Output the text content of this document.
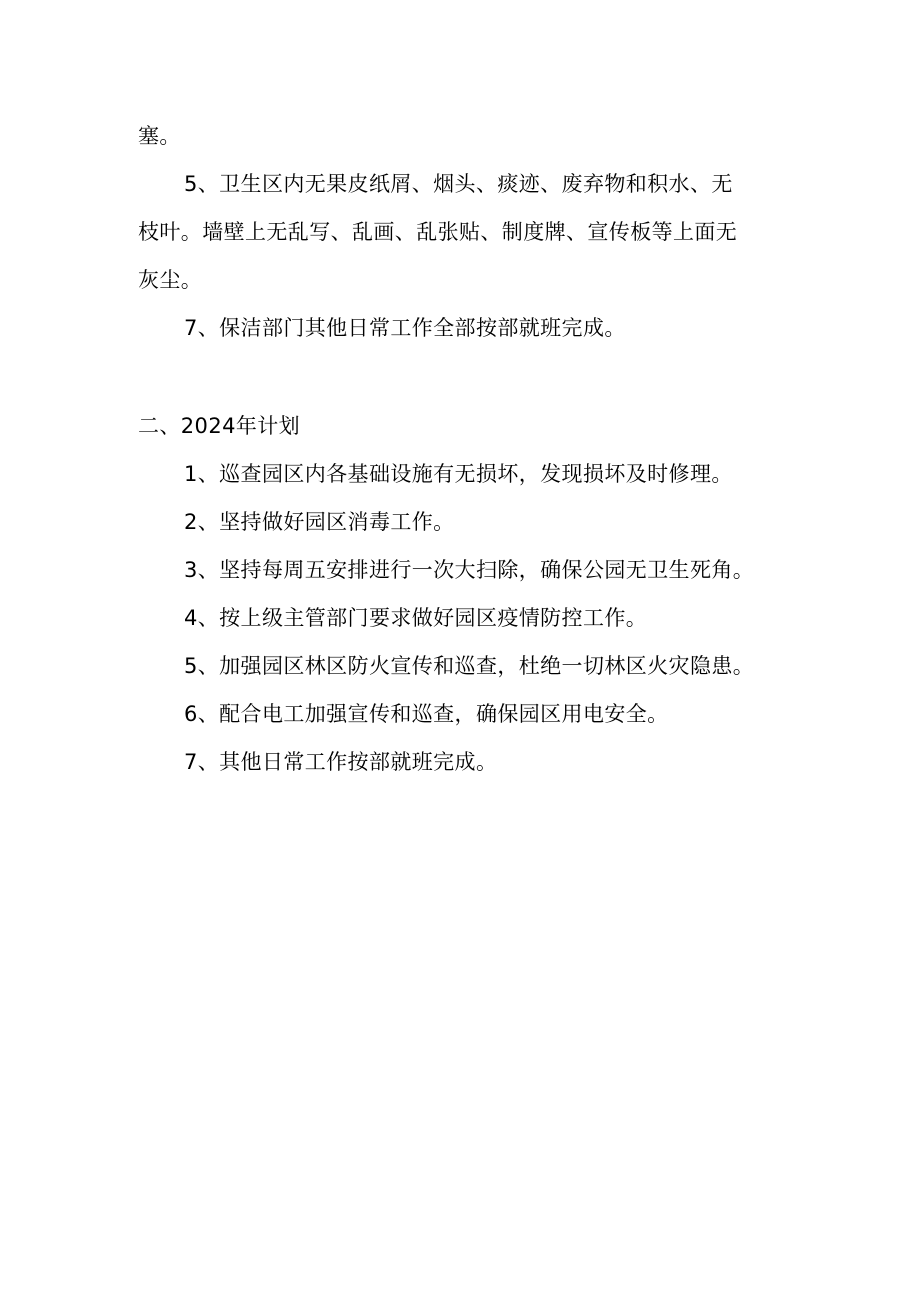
塞。
5、卫生区内无果皮纸屑、烟头、痰迹、废弃物和积水、无
枝叶。墙壁上无乱写、乱画、乱张贴、制度牌、宣传板等上面无
灰尘。
7、保洁部门其他日常工作全部按部就班完成。
二、2024年计划
1、巡查园区内各基础设施有无损坏，发现损坏及时修理。
2、坚持做好园区消毒工作。
3、坚持每周五安排进行一次大扫除，确保公园无卫生死角。
4、按上级主管部门要求做好园区疫情防控工作。
5、加强园区林区防火宣传和巡查，杜绝一切林区火灾隐患。
6、配合电工加强宣传和巡查，确保园区用电安全。
7、其他日常工作按部就班完成。
